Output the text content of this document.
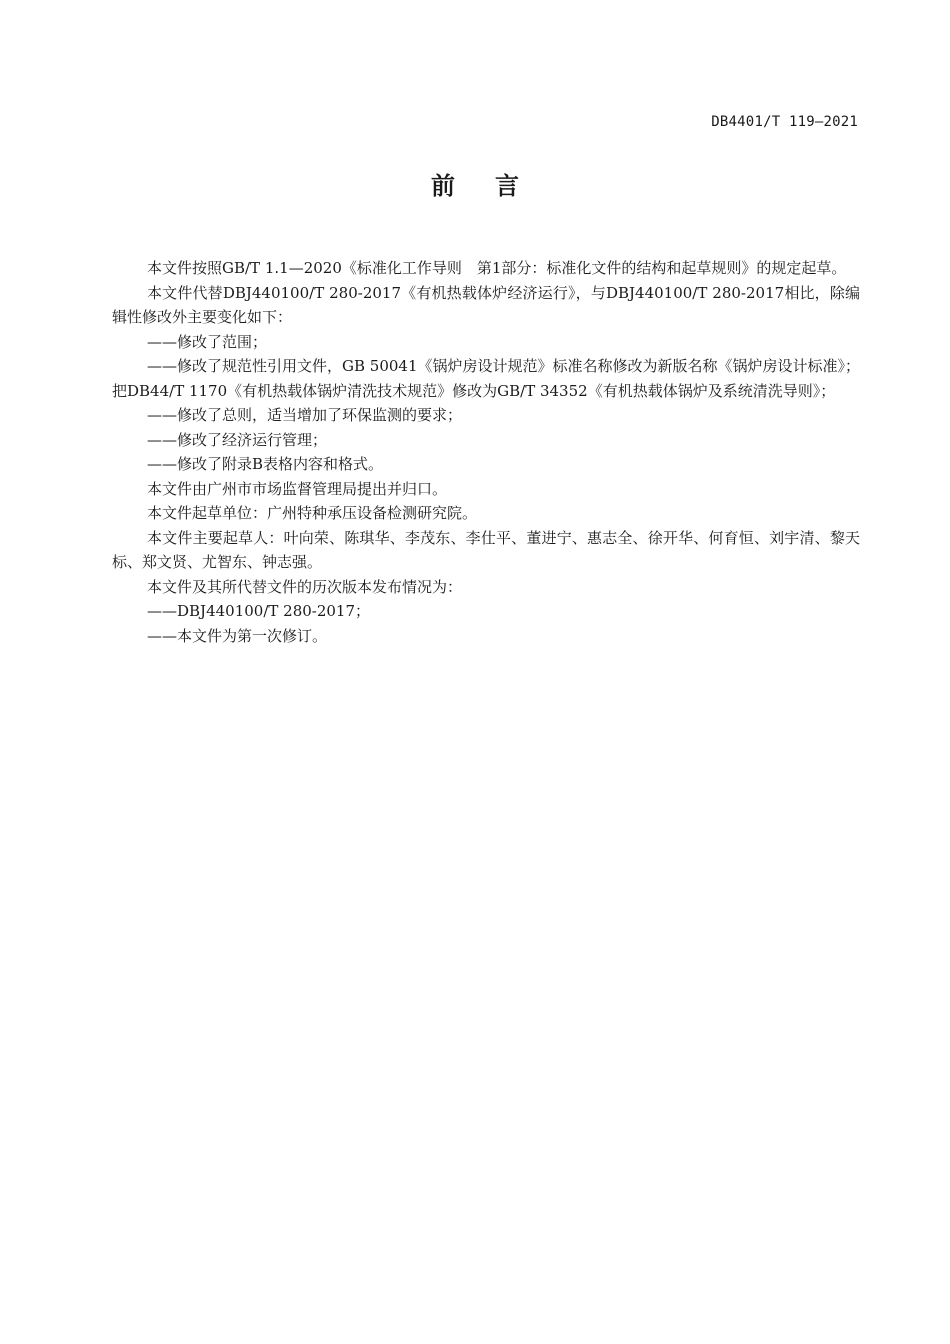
DB4401/T 119—2021
前言

本文件按照GB/T 1.1—2020《标准化工作导则　第1部分：标准化文件的结构和起草规则》的规定起草。

本文件代替DBJ440100/T 280-2017《有机热载体炉经济运行》，与DBJ440100/T 280-2017相比，除编辑性修改外主要变化如下：

——修改了范围；

——修改了规范性引用文件，GB 50041《锅炉房设计规范》标准名称修改为新版名称《锅炉房设计标准》；把DB44/T 1170《有机热载体锅炉清洗技术规范》修改为GB/T 34352《有机热载体锅炉及系统清洗导则》；

——修改了总则，适当增加了环保监测的要求；

——修改了经济运行管理；

——修改了附录B表格内容和格式。

本文件由广州市市场监督管理局提出并归口。

本文件起草单位：广州特种承压设备检测研究院。

本文件主要起草人：叶向荣、陈琪华、李茂东、李仕平、董进宁、惠志全、徐开华、何育恒、刘宇清、黎天标、郑文贤、尤智东、钟志强。

本文件及其所代替文件的历次版本发布情况为：

——DBJ440100/T 280-2017；

——本文件为第一次修订。
